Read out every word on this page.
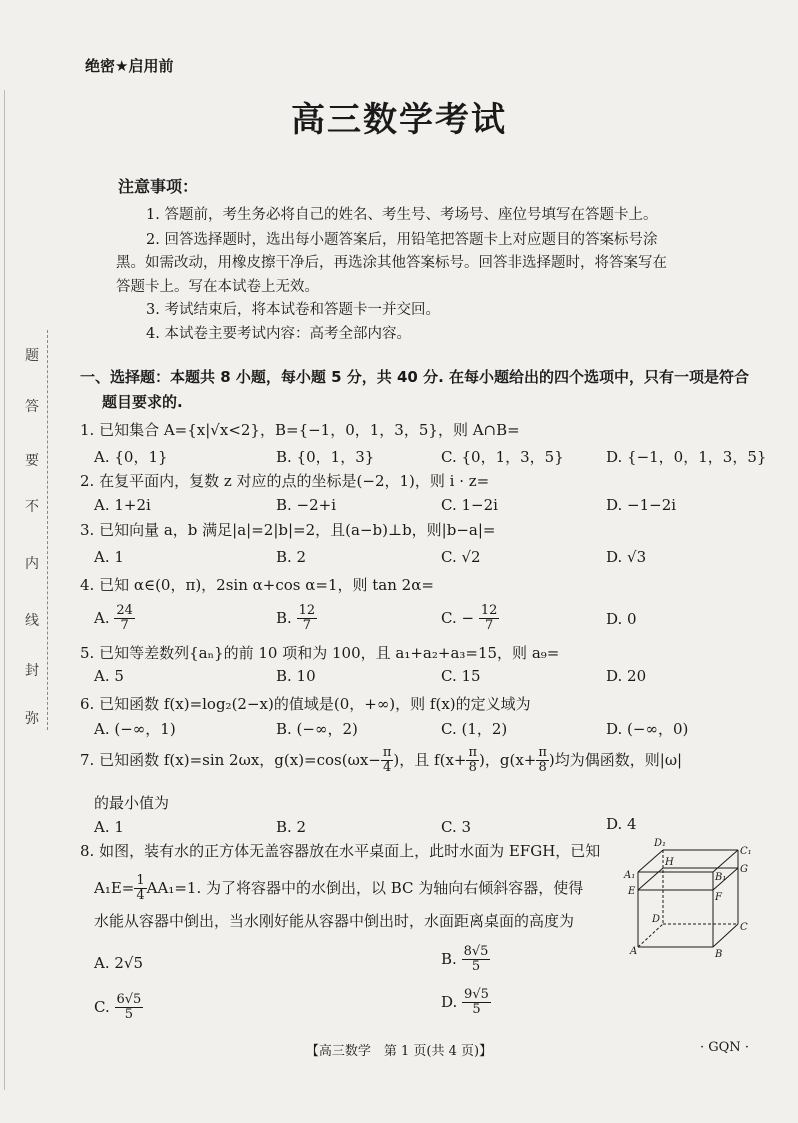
弥
封
线
内
不
要
答
题
绝密★启用前
高三数学考试
注意事项：
1. 答题前，考生务必将自己的姓名、考生号、考场号、座位号填写在答题卡上。
2. 回答选择题时，选出每小题答案后，用铅笔把答题卡上对应题目的答案标号涂
黑。如需改动，用橡皮擦干净后，再选涂其他答案标号。回答非选择题时，将答案写在
答题卡上。写在本试卷上无效。
3. 考试结束后，将本试卷和答题卡一并交回。
4. 本试卷主要考试内容：高考全部内容。
一、选择题：本题共 8 小题，每小题 5 分，共 40 分. 在每小题给出的四个选项中，只有一项是符合
题目要求的.
1. 已知集合 A={x|√x<2}，B={−1，0，1，3，5}，则 A∩B=
A. {0，1}	B. {0，1，3}	C. {0，1，3，5}	D. {−1，0，1，3，5}
2. 在复平面内，复数 z 对应的点的坐标是(−2，1)，则 i · z=
A. 1+2i	B. −2+i	C. 1−2i	D. −1−2i
3. 已知向量 a，b 满足|a|=2|b|=2，且(a−b)⊥b，则|b−a|=
A. 1	B. 2	C. √2	D. √3
4. 已知 α∈(0，π)，2sin α+cos α=1，则 tan 2α=
A. $\frac{24}{7}$	B. $\frac{12}{7}$	C. − $\frac{12}{7}$	D. 0
5. 已知等差数列{aₙ}的前 10 项和为 100，且 a₁+a₂+a₃=15，则 a₉=
A. 5	B. 10	C. 15	D. 20
6. 已知函数 f(x)=log₂(2−x)的值域是(0，+∞)，则 f(x)的定义域为
A. (−∞，1)	B. (−∞，2)	C. (1，2)	D. (−∞，0)
7. 已知函数 f(x)=sin 2ωx，$g(x)=\cos(\omega x- \frac{\pi}{4}$ )，且 $f(x+ \frac{\pi}{8}$ )，$g(x+ \frac{\pi}{8}$ )均为偶函数，则|ω|
的最小值为
A. 1	B. 2	C. 3	D. 4
8. 如图，装有水的正方体无盖容器放在水平桌面上，此时水面为 EFGH，已知
$A_1E= \frac{1}{4} AA_1=1$. 为了将容器中的水倒出，以 BC 为轴向右倾斜容器，使得
水能从容器中倒出，当水刚好能从容器中倒出时，水面距离桌面的高度为
A. 2√5	B. $\frac{8√5}{5}$
C. $\frac{6√5}{5}$	D. $\frac{9√5}{5}$
D₁
C₁
H
G
A₁	B₁
E
F
D
C
A	B
【高三数学　第 1 页(共 4 页)】	· GQN ·
